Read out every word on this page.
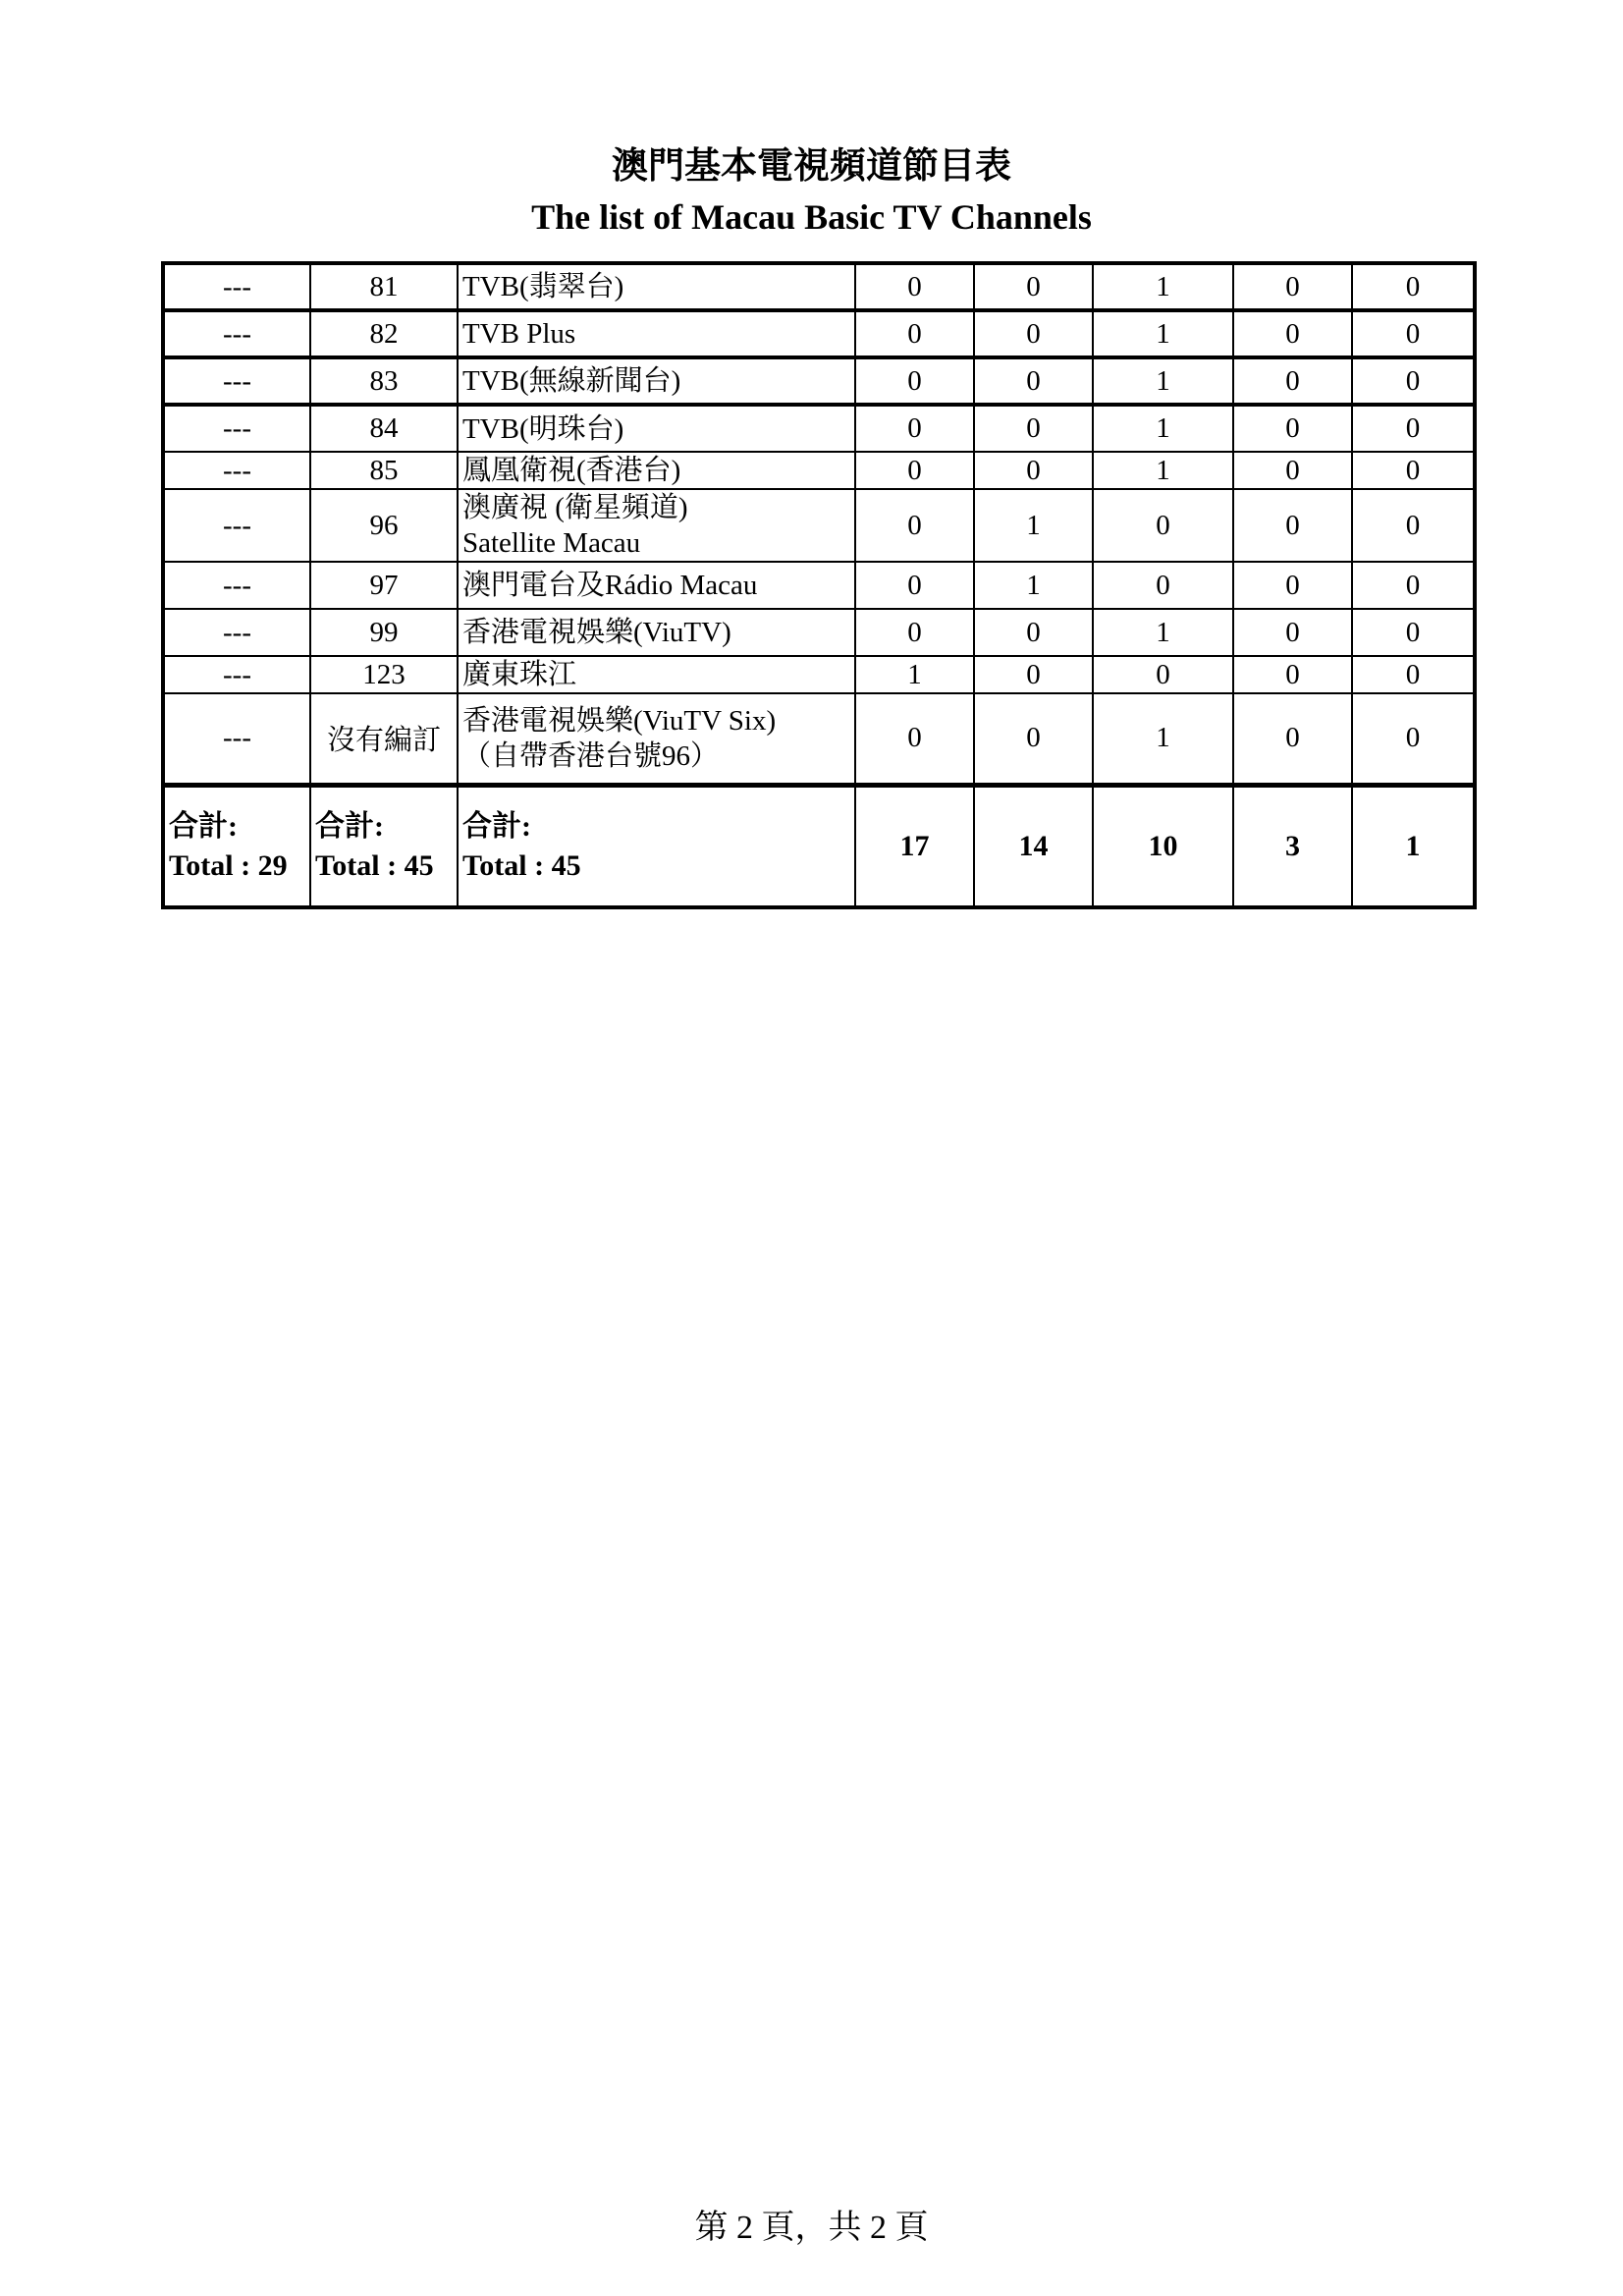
澳門基本電視頻道節目表
The list of Macau Basic TV Channels
---	81	TVB(翡翠台)	0	0	1	0	0
---	82	TVB Plus	0	0	1	0	0
---	83	TVB(無線新聞台)	0	0	1	0	0
---	84	TVB(明珠台)	0	0	1	0	0
---	85	鳳凰衛視(香港台)	0	0	1	0	0
---	96	澳廣視 (衛星頻道)
Satellite Macau	0	1	0	0	0
---	97	澳門電台及Rádio Macau	0	1	0	0	0
---	99	香港電視娛樂(ViuTV)	0	0	1	0	0
---	123	廣東珠江	1	0	0	0	0
---	沒有編訂	香港電視娛樂(ViuTV Six)
（自帶香港台號96）	0	0	1	0	0

合計:
Total : 29	合計:
Total : 45	合計:
Total : 45	17	14	10	3	1
第 2 頁，共 2 頁
